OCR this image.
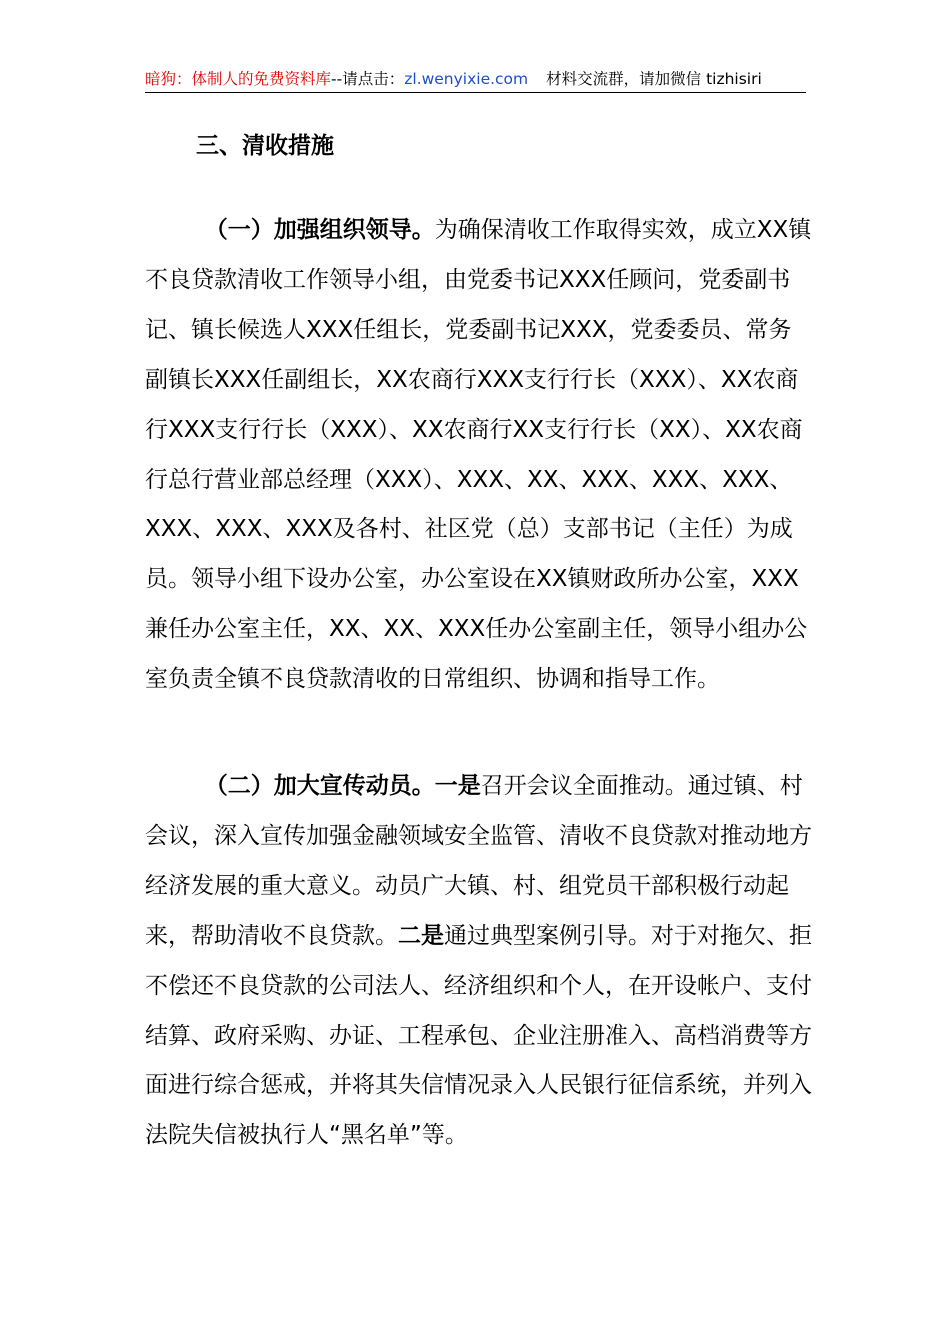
暗狗：体制人的免费资料库--请点击：zl.wenyixie.com 材料交流群，请加微信 tizhisiri
三、清收措施

（一）加强组织领导。为确保清收工作取得实效，成立XX镇不良贷款清收工作领导小组，由党委书记XXX任顾问，党委副书记、镇长候选人XXX任组长，党委副书记XXX，党委委员、常务副镇长XXX任副组长，XX农商行XXX支行行长（XXX）、XX农商行XXX支行行长（XXX）、XX农商行XX支行行长（XX）、XX农商行总行营业部总经理（XXX）、XXX、XX、XXX、XXX、XXX、XXX、XXX、XXX及各村、社区党（总）支部书记（主任）为成员。领导小组下设办公室，办公室设在XX镇财政所办公室，XXX兼任办公室主任，XX、XX、XXX任办公室副主任，领导小组办公室负责全镇不良贷款清收的日常组织、协调和指导工作。

（二）加大宣传动员。一是召开会议全面推动。通过镇、村会议，深入宣传加强金融领域安全监管、清收不良贷款对推动地方经济发展的重大意义。动员广大镇、村、组党员干部积极行动起来，帮助清收不良贷款。二是通过典型案例引导。对于对拖欠、拒不偿还不良贷款的公司法人、经济组织和个人，在开设帐户、支付结算、政府采购、办证、工程承包、企业注册准入、高档消费等方面进行综合惩戒，并将其失信情况录入人民银行征信系统，并列入法院失信被执行人“黑名单”等。
